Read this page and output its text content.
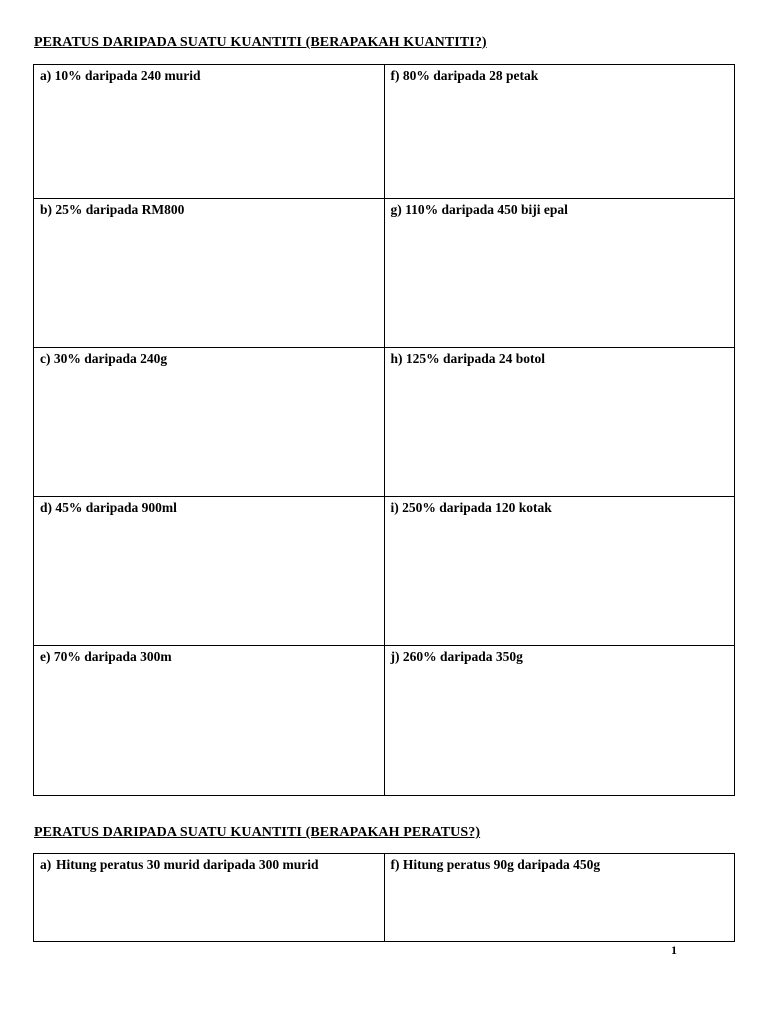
PERATUS DARIPADA SUATU KUANTITI (BERAPAKAH KUANTITI?)
a) 10% daripada 240 murid	f) 80% daripada 28 petak

b) 25% daripada RM800	g) 110% daripada 450 biji epal

c) 30% daripada 240g	h) 125% daripada 24 botol

d) 45% daripada 900ml	i) 250% daripada 120 kotak

e) 70% daripada 300m	j) 260% daripada 350g
PERATUS DARIPADA SUATU KUANTITI (BERAPAKAH PERATUS?)
a) Hitung peratus 30 murid daripada 300 murid	f) Hitung peratus 90g daripada 450g
1
